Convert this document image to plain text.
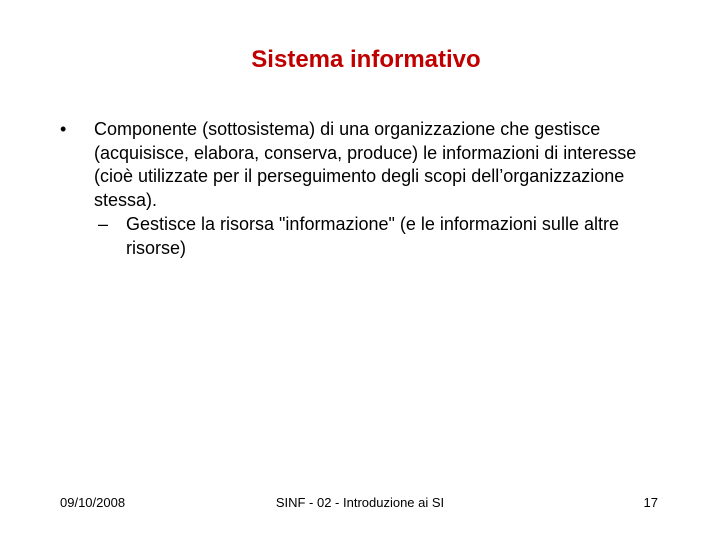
Sistema informativo
•	Componente (sottosistema) di una organizzazione che gestisce (acquisisce, elabora, conserva, produce) le informazioni di interesse (cioè utilizzate per il perseguimento degli scopi dell’organizzazione stessa).
– Gestisce la risorsa "informazione" (e le informazioni sulle altre risorse)
09/10/2008	SINF - 02 - Introduzione ai SI	17
